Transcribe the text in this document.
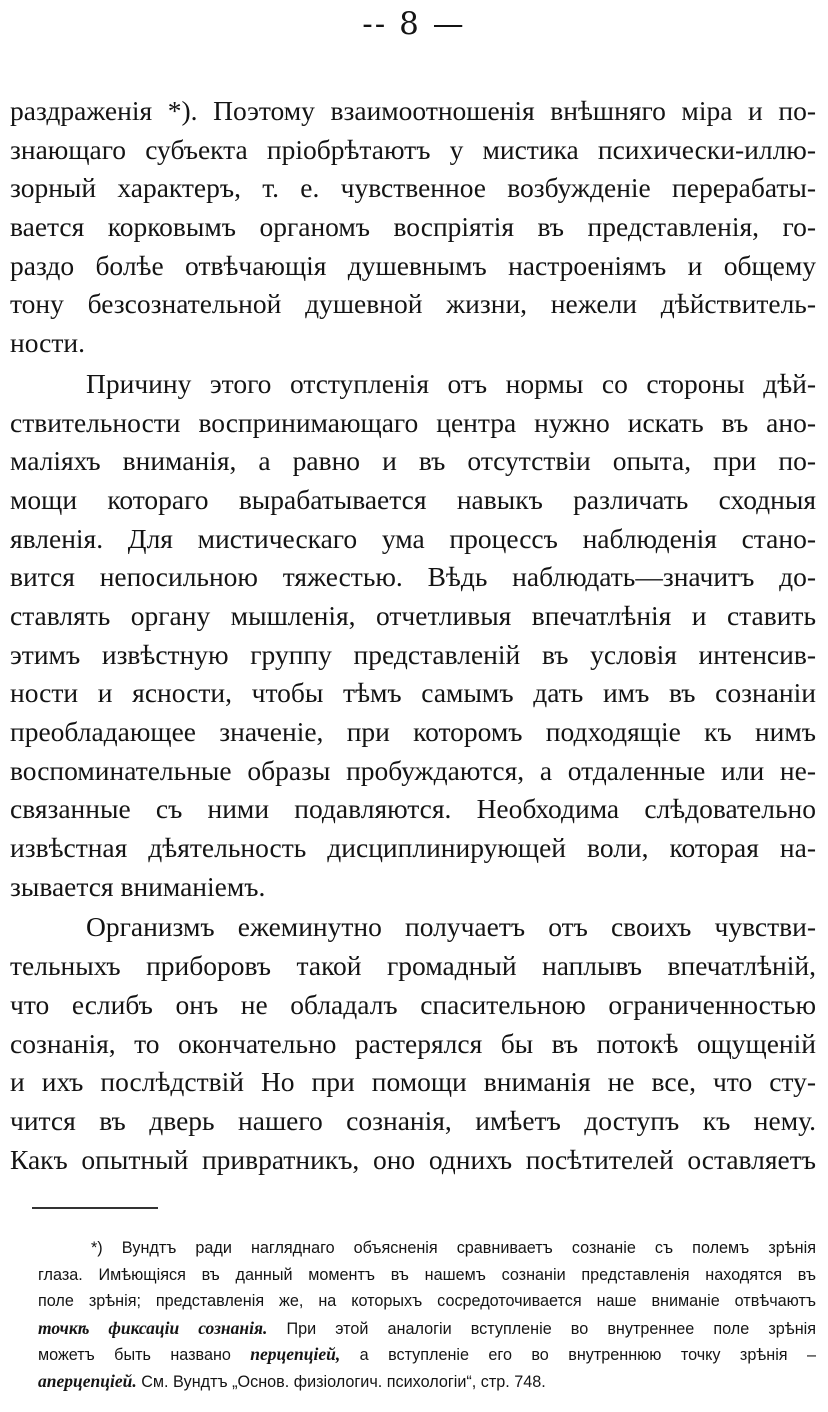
-- 8 —
раздраженія *). Поэтому взаимоотношенія внѣшняго міра и по-
знающаго субъекта пріобрѣтаютъ у мистика психически-иллю-
зорный характеръ, т. е. чувственное возбужденіе перерабаты-
вается корковымъ органомъ воспріятія въ представленія, го-
раздо болѣе отвѣчающія душевнымъ настроеніямъ и общему
тону безсознательной душевной жизни, нежели дѣйствитель-
ности.
Причину этого отступленія отъ нормы со стороны дѣй-
ствительности воспринимающаго центра нужно искать въ ано-
маліяхъ вниманія, а равно и въ отсутствіи опыта, при по-
мощи котораго вырабатывается навыкъ различать сходныя
явленія. Для мистическаго ума процессъ наблюденія стано-
вится непосильною тяжестью. Вѣдь наблюдать—значитъ до-
ставлять органу мышленія, отчетливыя впечатлѣнія и ставить
этимъ извѣстную группу представленій въ условія интенсив-
ности и ясности, чтобы тѣмъ самымъ дать имъ въ сознаніи
преобладающее значеніе, при которомъ подходящіе къ нимъ
воспоминательные образы пробуждаются, а отдаленные или не-
связанные съ ними подавляются. Необходима слѣдовательно
извѣстная дѣятельность дисциплинирующей воли, которая на-
зывается вниманіемъ.
Организмъ ежеминутно получаетъ отъ своихъ чувстви-
тельныхъ приборовъ такой громадный наплывъ впечатлѣній,
что еслибъ онъ не обладалъ спасительною ограниченностью
сознанія, то окончательно растерялся бы въ потокѣ ощущеній
и ихъ послѣдствій Но при помощи вниманія не все, что сту-
чится въ дверь нашего сознанія, имѣетъ доступъ къ нему.
Какъ опытный привратникъ, оно однихъ посѣтителей оставляетъ
*) Вундтъ ради нагляднаго объясненія сравниваетъ сознаніе съ полемъ зрѣнія
глаза. Имѣющіяся въ данный моментъ въ нашемъ сознаніи представленія находятся въ
поле зрѣнія; представленія же, на которыхъ сосредоточивается наше вниманіе отвѣчаютъ
точкѣ фиксаціи сознанія. При этой аналогіи вступленіе во внутреннее поле зрѣнія
можетъ быть названо перцепціей, а вступленіе его во внутреннюю точку зрѣнія –
аперцепціей. См. Вундтъ „Основ. физіологич. психологіи“, стр. 748.
